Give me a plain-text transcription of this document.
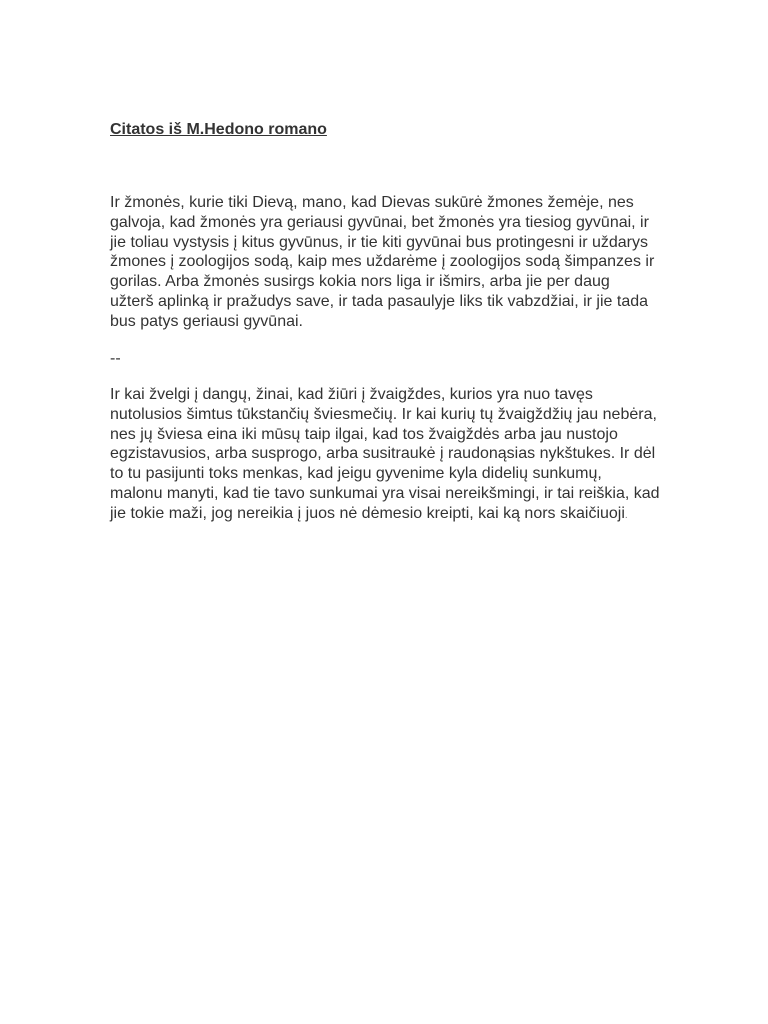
Citatos iš M.Hedono romano
Ir žmonės, kurie tiki Dievą, mano, kad Dievas sukūrė žmones žemėje, nes
galvoja, kad žmonės yra geriausi gyvūnai, bet žmonės yra tiesiog gyvūnai, ir
jie toliau vystysis į kitus gyvūnus, ir tie kiti gyvūnai bus protingesni ir uždarys
žmones į zoologijos sodą, kaip mes uždarėme į zoologijos sodą šimpanzes ir
gorilas. Arba žmonės susirgs kokia nors liga ir išmirs, arba jie per daug
užterš aplinką ir pražudys save, ir tada pasaulyje liks tik vabzdžiai, ir jie tada
bus patys geriausi gyvūnai.
--
Ir kai žvelgi į dangų, žinai, kad žiūri į žvaigždes, kurios yra nuo tavęs
nutolusios šimtus tūkstančių šviesmečių. Ir kai kurių tų žvaigždžių jau nebėra,
nes jų šviesa eina iki mūsų taip ilgai, kad tos žvaigždės arba jau nustojo
egzistavusios, arba susprogo, arba susitraukė į raudonąsias nykštukes. Ir dėl
to tu pasijunti toks menkas, kad jeigu gyvenime kyla didelių sunkumų,
malonu manyti, kad tie tavo sunkumai yra visai nereikšmingi, ir tai reiškia, kad
jie tokie maži, jog nereikia į juos nė dėmesio kreipti, kai ką nors skaičiuoji.
